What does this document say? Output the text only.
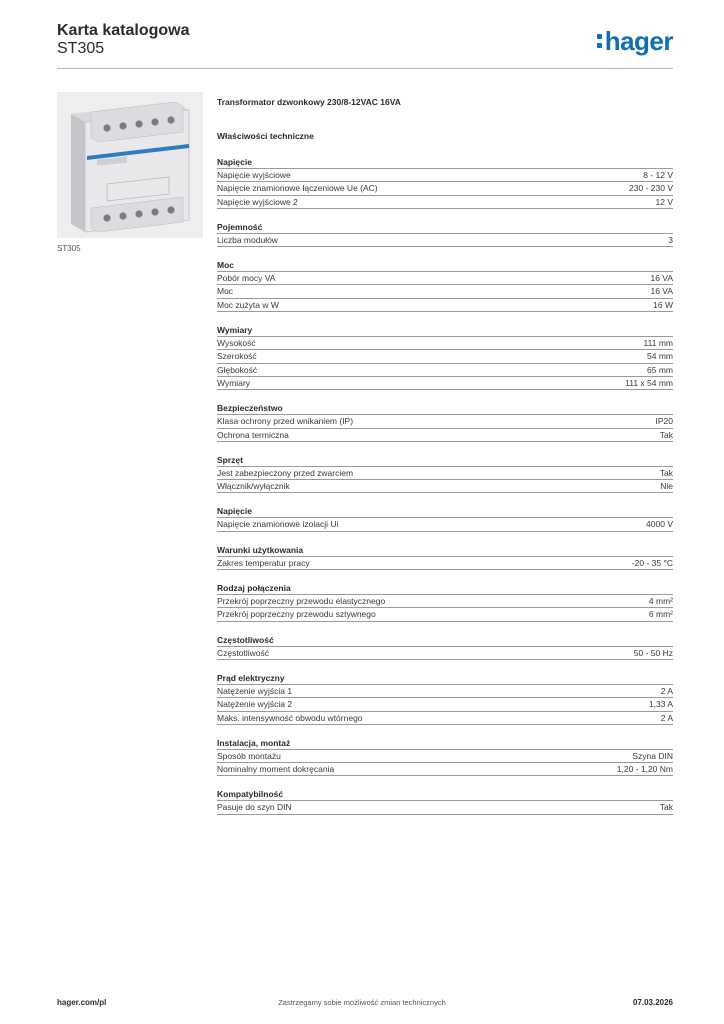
Karta katalogowa
ST305	hager
ST305
Transformator dzwonkowy 230/8-12VAC 16VA
Właściwości techniczne
Napięcie
Napięcie wyjściowe	8 - 12 V
Napięcie znamionowe łączeniowe Ue (AC)	230 - 230 V
Napięcie wyjściowe 2	12 V
Pojemność
Liczba modułów	3
Moc
Pobór mocy VA	16 VA
Moc	16 VA
Moc zużyta w W	16 W
Wymiary
Wysokość	111 mm
Szerokość	54 mm
Głębokość	65 mm
Wymiary	111 x 54 mm
Bezpieczeństwo
Klasa ochrony przed wnikaniem (IP)	IP20
Ochrona termiczna	Tak
Sprzęt
Jest zabezpieczony przed zwarciem	Tak
Włącznik/wyłącznik	Nie
Napięcie
Napięcie znamionowe izolacji Ui	4000 V
Warunki użytkowania
Zakres temperatur pracy	-20 - 35 °C
Rodzaj połączenia
Przekrój poprzeczny przewodu elastycznego	4 mm²
Przekrój poprzeczny przewodu sztywnego	6 mm²
Częstotliwość
Częstotliwość	50 - 50 Hz
Prąd elektryczny
Natężenie wyjścia 1	2 A
Natężenie wyjścia 2	1,33 A
Maks. intensywność obwodu wtórnego	2 A
Instalacja, montaż
Sposób montażu	Szyna DIN
Nominalny moment dokręcania	1,20 - 1,20 Nm
Kompatybilność
Pasuje do szyn DIN	Tak
hager.com/pl	Zastrzegamy sobie możliwość zmian technicznych	07.03.2026
